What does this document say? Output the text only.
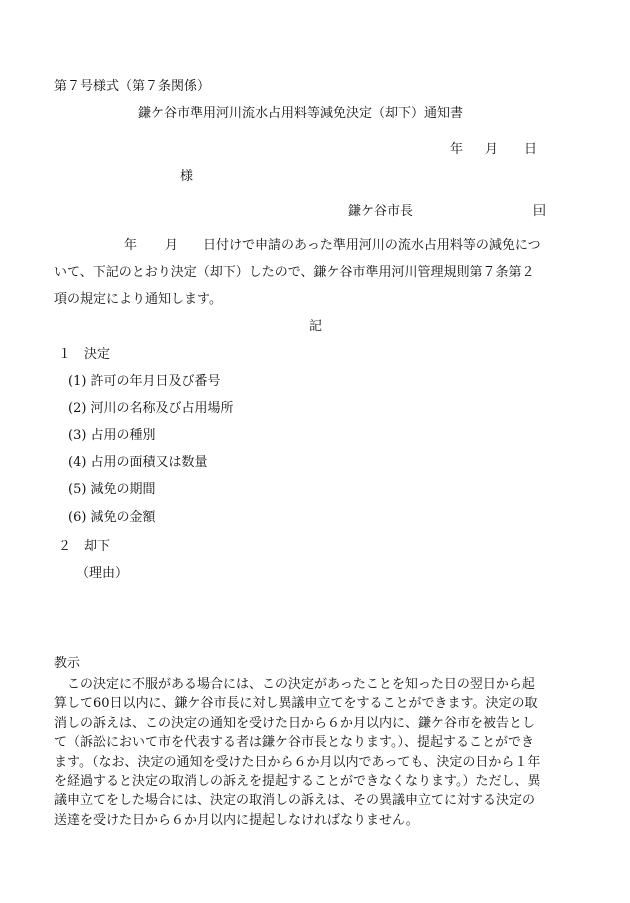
第７号様式（第７条関係）
鎌ケ谷市準用河川流水占用料等減免決定（却下）通知書
年 月 日
様
鎌ケ谷市長	囙
年 月 日付けで申請のあった準用河川の流水占用料等の減免につ
いて、下記のとおり決定（却下）したので、鎌ケ谷市準用河川管理規則第７条第２
項の規定により通知します。
記
１　決定
(1) 許可の年月日及び番号
(2) 河川の名称及び占用場所
(3) 占用の種別
(4) 占用の面積又は数量
(5) 減免の期間
(6) 減免の金額
２　却下
（理由）
教示
この決定に不服がある場合には、この決定があったことを知った日の翌日から起
算して60日以内に、鎌ケ谷市長に対し異議申立てをすることができます。決定の取
消しの訴えは、この決定の通知を受けた日から６か月以内に、鎌ケ谷市を被告とし
て（訴訟において市を代表する者は鎌ケ谷市長となります。）、提起することができ
ます。（なお、決定の通知を受けた日から６か月以内であっても、決定の日から１年
を経過すると決定の取消しの訴えを提起することができなくなります。）ただし、異
議申立てをした場合には、決定の取消しの訴えは、その異議申立てに対する決定の
送達を受けた日から６か月以内に提起しなければなりません。
